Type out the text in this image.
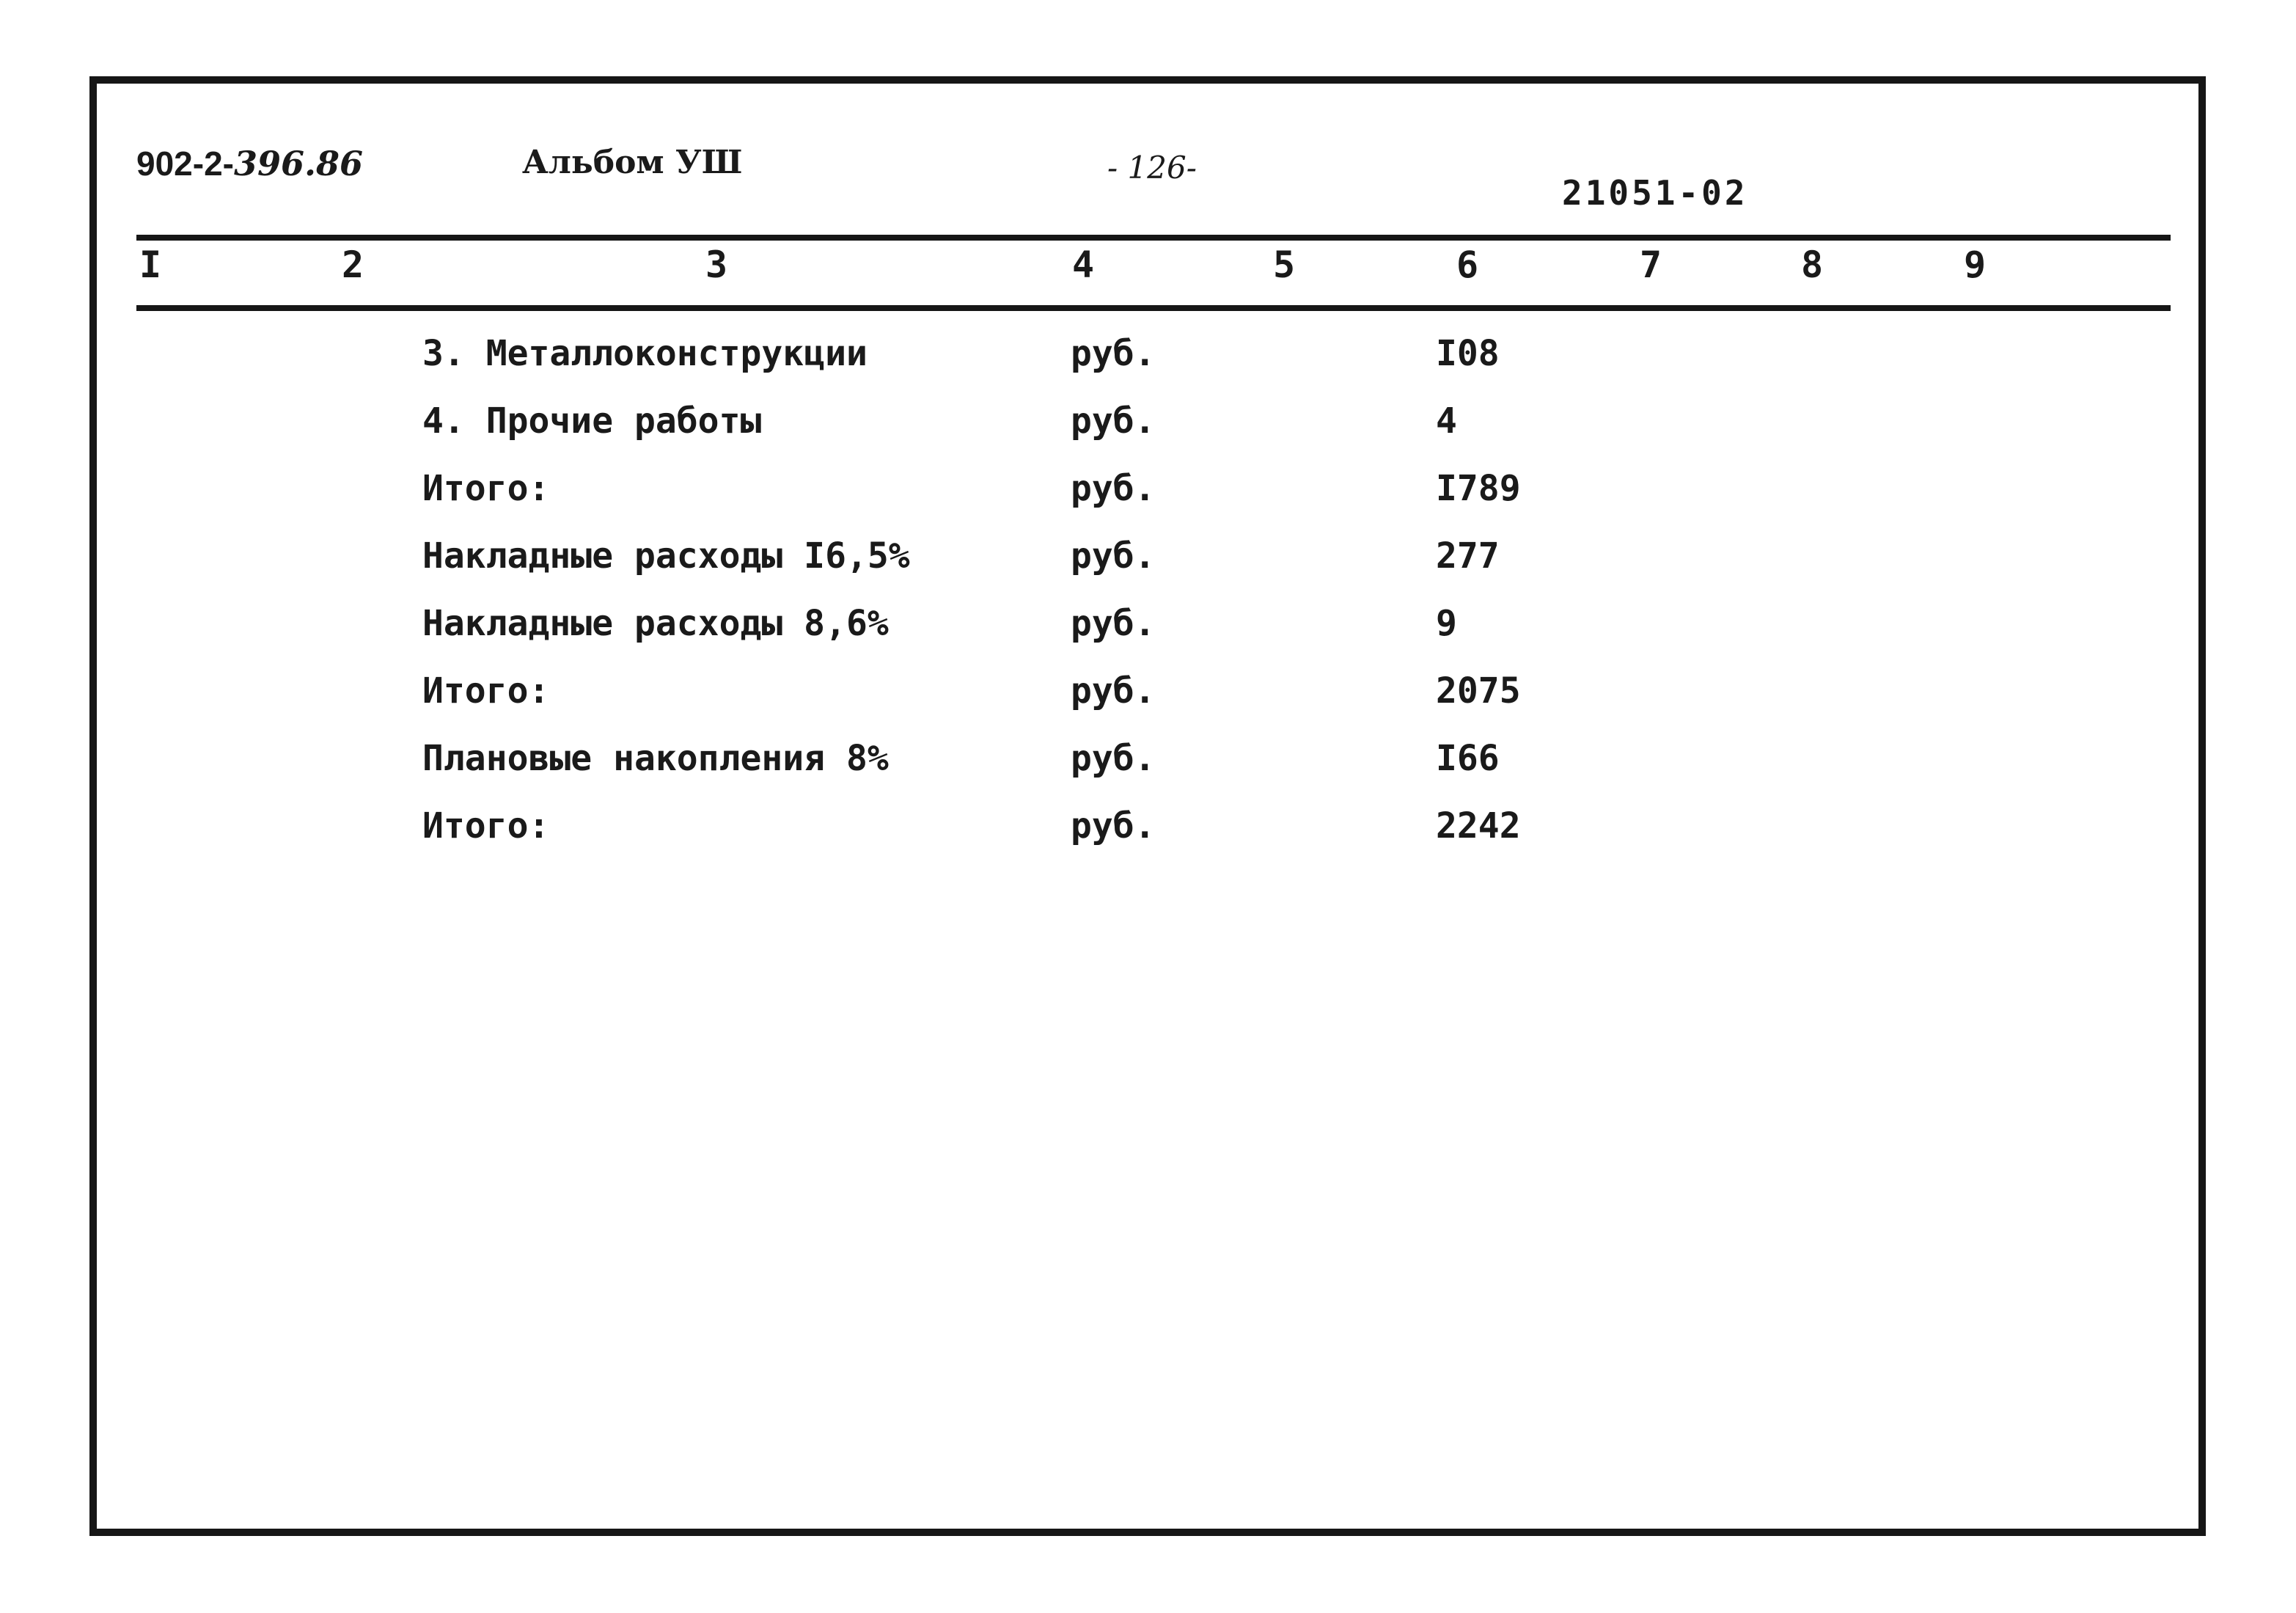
902-2-396.86	Альбом УШ	- 126-
21051-02
I	2	3	4	5	6	7	8	9
3. Металлоконструкции	руб.	I08
4. Прочие работы	руб.	4
Итого:	руб.	I789
Накладные расходы I6,5%	руб.	277
Накладные расходы 8,6%	руб.	9
Итого:	руб.	2075
Плановые накопления 8%	руб.	I66
Итого:	руб.	2242
